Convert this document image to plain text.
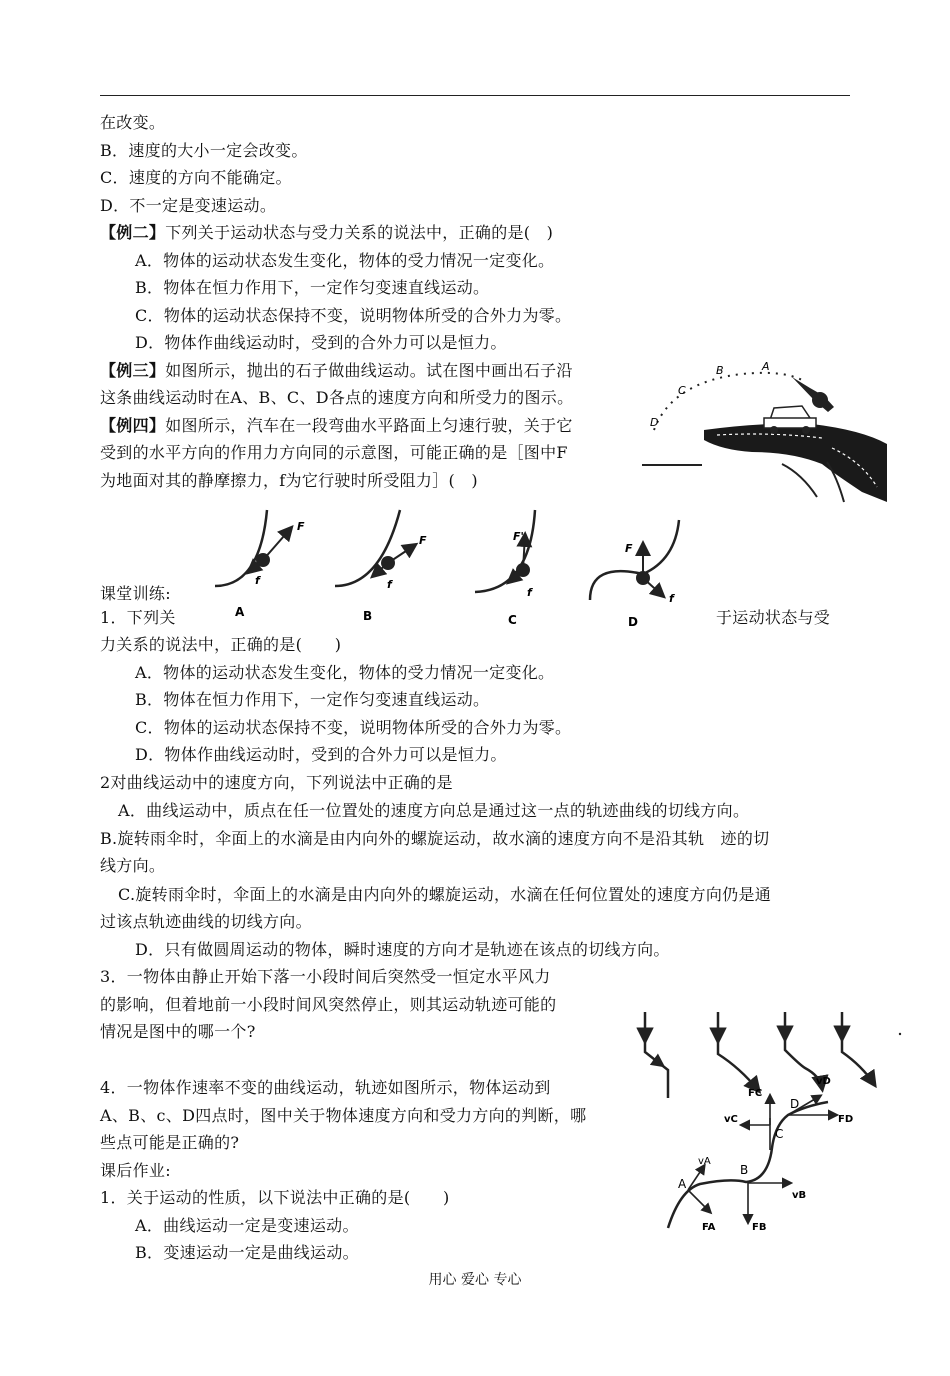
在改变。
B．速度的大小一定会改变。
C．速度的方向不能确定。
D．不一定是变速运动。
【例二】下列关于运动状态与受力关系的说法中，正确的是(　)
A．物体的运动状态发生变化，物体的受力情况一定变化。
B．物体在恒力作用下，一定作匀变速直线运动。
C．物体的运动状态保持不变，说明物体所受的合外力为零。
D．物体作曲线运动时，受到的合外力可以是恒力。
【例三】如图所示，抛出的石子做曲线运动。试在图中画出石子沿
这条曲线运动时在A、B、C、D各点的速度方向和所受力的图示。
【例四】如图所示，汽车在一段弯曲水平路面上匀速行驶，关于它
受到的水平方向的作用力方向同的示意图，可能正确的是［图中F
为地面对其的静摩擦力，f为它行驶时所受阻力］(　)
A
B
C
D
F
f
A
F
f
B
F'
f
C
F
f
D
课堂训练:
1．下列关	于运动状态与受
力关系的说法中，正确的是(　　)
A．物体的运动状态发生变化，物体的受力情况一定变化。
B．物体在恒力作用下，一定作匀变速直线运动。
C．物体的运动状态保持不变，说明物体所受的合外力为零。
D．物体作曲线运动时，受到的合外力可以是恒力。
2对曲线运动中的速度方向，下列说法中正确的是
A．曲线运动中，质点在任一位置处的速度方向总是通过这一点的轨迹曲线的切线方向。
B.旋转雨伞时，伞面上的水滴是由内向外的螺旋运动，故水滴的速度方向不是沿其轨　迹的切
线方向。
C.旋转雨伞时，伞面上的水滴是由内向外的螺旋运动，水滴在任何位置处的速度方向仍是通
过该点轨迹曲线的切线方向。
D．只有做圆周运动的物体，瞬时速度的方向才是轨迹在该点的切线方向。
3．一物体由静止开始下落一小段时间后突然受一恒定水平风力
的影响，但着地前一小段时间风突然停止，则其运动轨迹可能的
情况是图中的哪一个?
A	B	C
4．一物体作速率不变的曲线运动，轨迹如图所示，物体运动到
A、B、c、D四点时，图中关于物体速度方向和受力方向的判断，哪
些点可能是正确的?
A
vA
FA
B
vB
FB
C
FC
vC
D
vD
FD
课后作业:
1．关于运动的性质，以下说法中正确的是(　　)
A．曲线运动一定是变速运动。
B．变速运动一定是曲线运动。
用心 爱心 专心
